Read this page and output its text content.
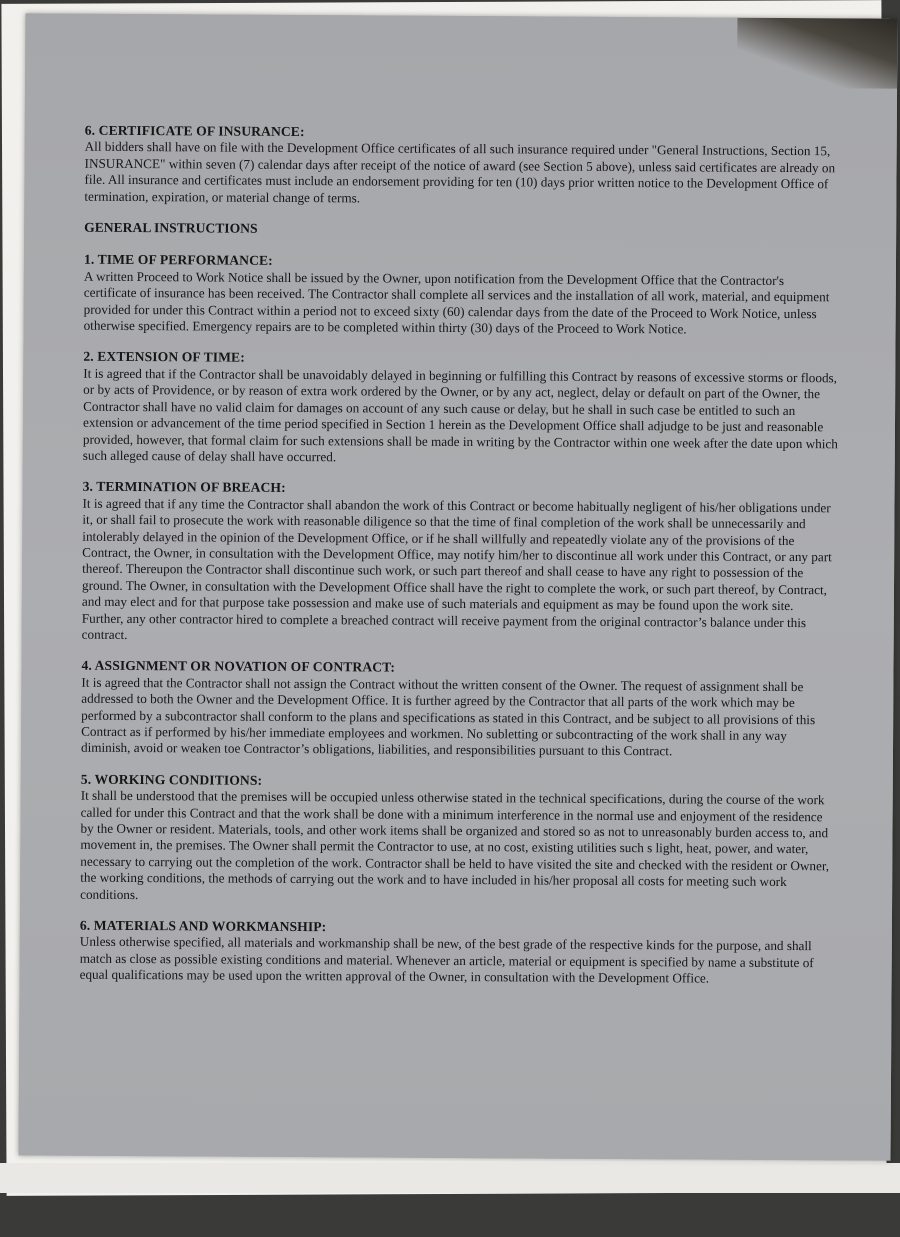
6. CERTIFICATE OF INSURANCE:

All bidders shall have on file with the Development Office certificates of all such insurance required under "General Instructions, Section 15, INSURANCE" within seven (7) calendar days after receipt of the notice of award (see Section 5 above), unless said certificates are already on file. All insurance and certificates must include an endorsement providing for ten (10) days prior written notice to the Development Office of termination, expiration, or material change of terms.

GENERAL INSTRUCTIONS

1. TIME OF PERFORMANCE:

A written Proceed to Work Notice shall be issued by the Owner, upon notification from the Development Office that the Contractor's certificate of insurance has been received. The Contractor shall complete all services and the installation of all work, material, and equipment provided for under this Contract within a period not to exceed sixty (60) calendar days from the date of the Proceed to Work Notice, unless otherwise specified. Emergency repairs are to be completed within thirty (30) days of the Proceed to Work Notice.

2. EXTENSION OF TIME:

It is agreed that if the Contractor shall be unavoidably delayed in beginning or fulfilling this Contract by reasons of excessive storms or floods, or by acts of Providence, or by reason of extra work ordered by the Owner, or by any act, neglect, delay or default on part of the Owner, the Contractor shall have no valid claim for damages on account of any such cause or delay, but he shall in such case be entitled to such an extension or advancement of the time period specified in Section 1 herein as the Development Office shall adjudge to be just and reasonable provided, however, that formal claim for such extensions shall be made in writing by the Contractor within one week after the date upon which such alleged cause of delay shall have occurred.

3. TERMINATION OF BREACH:

It is agreed that if any time the Contractor shall abandon the work of this Contract or become habitually negligent of his/her obligations under it, or shall fail to prosecute the work with reasonable diligence so that the time of final completion of the work shall be unnecessarily and intolerably delayed in the opinion of the Development Office, or if he shall willfully and repeatedly violate any of the provisions of the Contract, the Owner, in consultation with the Development Office, may notify him/her to discontinue all work under this Contract, or any part thereof. Thereupon the Contractor shall discontinue such work, or such part thereof and shall cease to have any right to possession of the ground. The Owner, in consultation with the Development Office shall have the right to complete the work, or such part thereof, by Contract, and may elect and for that purpose take possession and make use of such materials and equipment as may be found upon the work site. Further, any other contractor hired to complete a breached contract will receive payment from the original contractor’s balance under this contract.

4. ASSIGNMENT OR NOVATION OF CONTRACT:

It is agreed that the Contractor shall not assign the Contract without the written consent of the Owner. The request of assignment shall be addressed to both the Owner and the Development Office. It is further agreed by the Contractor that all parts of the work which may be performed by a subcontractor shall conform to the plans and specifications as stated in this Contract, and be subject to all provisions of this Contract as if performed by his/her immediate employees and workmen. No subletting or subcontracting of the work shall in any way diminish, avoid or weaken toe Contractor’s obligations, liabilities, and responsibilities pursuant to this Contract.

5. WORKING CONDITIONS:

It shall be understood that the premises will be occupied unless otherwise stated in the technical specifications, during the course of the work called for under this Contract and that the work shall be done with a minimum interference in the normal use and enjoyment of the residence by the Owner or resident. Materials, tools, and other work items shall be organized and stored so as not to unreasonably burden access to, and movement in, the premises. The Owner shall permit the Contractor to use, at no cost, existing utilities such s light, heat, power, and water, necessary to carrying out the completion of the work. Contractor shall be held to have visited the site and checked with the resident or Owner, the working conditions, the methods of carrying out the work and to have included in his/her proposal all costs for meeting such work conditions.

6. MATERIALS AND WORKMANSHIP:

Unless otherwise specified, all materials and workmanship shall be new, of the best grade of the respective kinds for the purpose, and shall match as close as possible existing conditions and material. Whenever an article, material or equipment is specified by name a substitute of equal qualifications may be used upon the written approval of the Owner, in consultation with the Development Office.
